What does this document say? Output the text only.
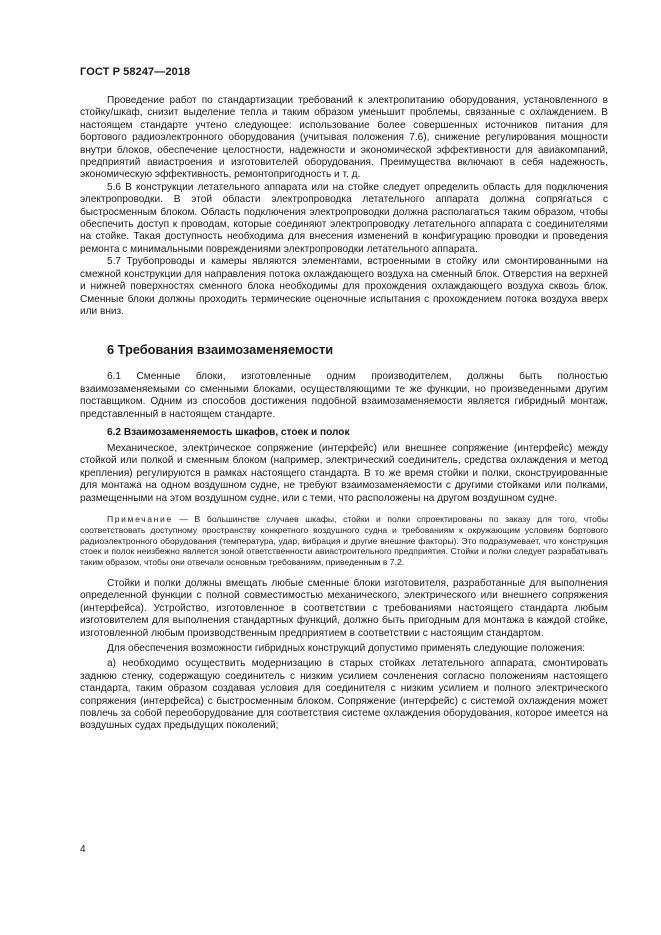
ГОСТ Р 58247—2018

Проведение работ по стандартизации требований к электропитанию оборудования, установленного в стойку/шкаф, снизит выделение тепла и таким образом уменьшит проблемы, связанные с охлаждением. В настоящем стандарте учтено следующее: использование более совершенных источников питания для бортового радиоэлектронного оборудования (учитывая положения 7.6), снижение регулирования мощности внутри блоков, обеспечение целостности, надежности и экономической эффективности для авиакомпаний, предприятий авиастроения и изготовителей оборудования. Преимущества включают в себя надежность, экономическую эффективность, ремонтопригодность и т. д.

5.6 В конструкции летательного аппарата или на стойке следует определить область для подключения электропроводки. В этой области электропроводка летательного аппарата должна сопрягаться с быстросменным блоком. Область подключения электропроводки должна располагаться таким образом, чтобы обеспечить доступ к проводам, которые соединяют электропроводку летательного аппарата с соединителями на стойке. Такая доступность необходима для внесения изменений в конфигурацию проводки и проведения ремонта с минимальными повреждениями электропроводки летательного аппарата.

5.7 Трубопроводы и камеры являются элементами, встроенными в стойку или смонтированными на смежной конструкции для направления потока охлаждающего воздуха на сменный блок. Отверстия на верхней и нижней поверхностях сменного блока необходимы для прохождения охлаждающего воздуха сквозь блок. Сменные блоки должны проходить термические оценочные испытания с прохождением потока воздуха вверх или вниз.

6 Требования взаимозаменяемости

6.1 Сменные блоки, изготовленные одним производителем, должны быть полностью взаимозаменяемыми со сменными блоками, осуществляющими те же функции, но произведенными другим поставщиком. Одним из способов достижения подобной взаимозаменяемости является гибридный монтаж, представленный в настоящем стандарте.

6.2 Взаимозаменяемость шкафов, стоек и полок

Механическое, электрическое сопряжение (интерфейс) или внешнее сопряжение (интерфейс) между стойкой или полкой и сменным блоком (например, электрический соединитель, средства охлаждения и метод крепления) регулируются в рамках настоящего стандарта. В то же время стойки и полки, сконструированные для монтажа на одном воздушном судне, не требуют взаимозаменяемости с другими стойками или полками, размещенными на этом воздушном судне, или с теми, что расположены на другом воздушном судне.

Примечание — В большинстве случаев шкафы, стойки и полки спроектированы по заказу для того, чтобы соответствовать доступному пространству конкретного воздушного судна и требованиям к окружающим условиям бортового радиоэлектронного оборудования (температура, удар, вибрация и другие внешние факторы). Это подразумевает, что конструкция стоек и полок неизбежно является зоной ответственности авиастроительного предприятия. Стойки и полки следует разрабатывать таким образом, чтобы они отвечали основным требованиям, приведенным в 7.2.

Стойки и полки должны вмещать любые сменные блоки изготовителя, разработанные для выполнения определенной функции с полной совместимостью механического, электрического или внешнего сопряжения (интерфейса). Устройство, изготовленное в соответствии с требованиями настоящего стандарта любым изготовителем для выполнения стандартных функций, должно быть пригодным для монтажа в каждой стойке, изготовленной любым производственным предприятием в соответствии с настоящим стандартом.

Для обеспечения возможности гибридных конструкций допустимо применять следующие положения:

а) необходимо осуществить модернизацию в старых стойках летательного аппарата, смонтировать заднюю стенку, содержащую соединитель с низким усилием сочленения согласно положениям настоящего стандарта, таким образом создавая условия для соединителя с низким усилием и полного электрического сопряжения (интерфейса) с быстросменным блоком. Сопряжение (интерфейс) с системой охлаждения может повлечь за собой переоборудование для соответствия системе охлаждения оборудования, которое имеется на воздушных судах предыдущих поколений;

4
